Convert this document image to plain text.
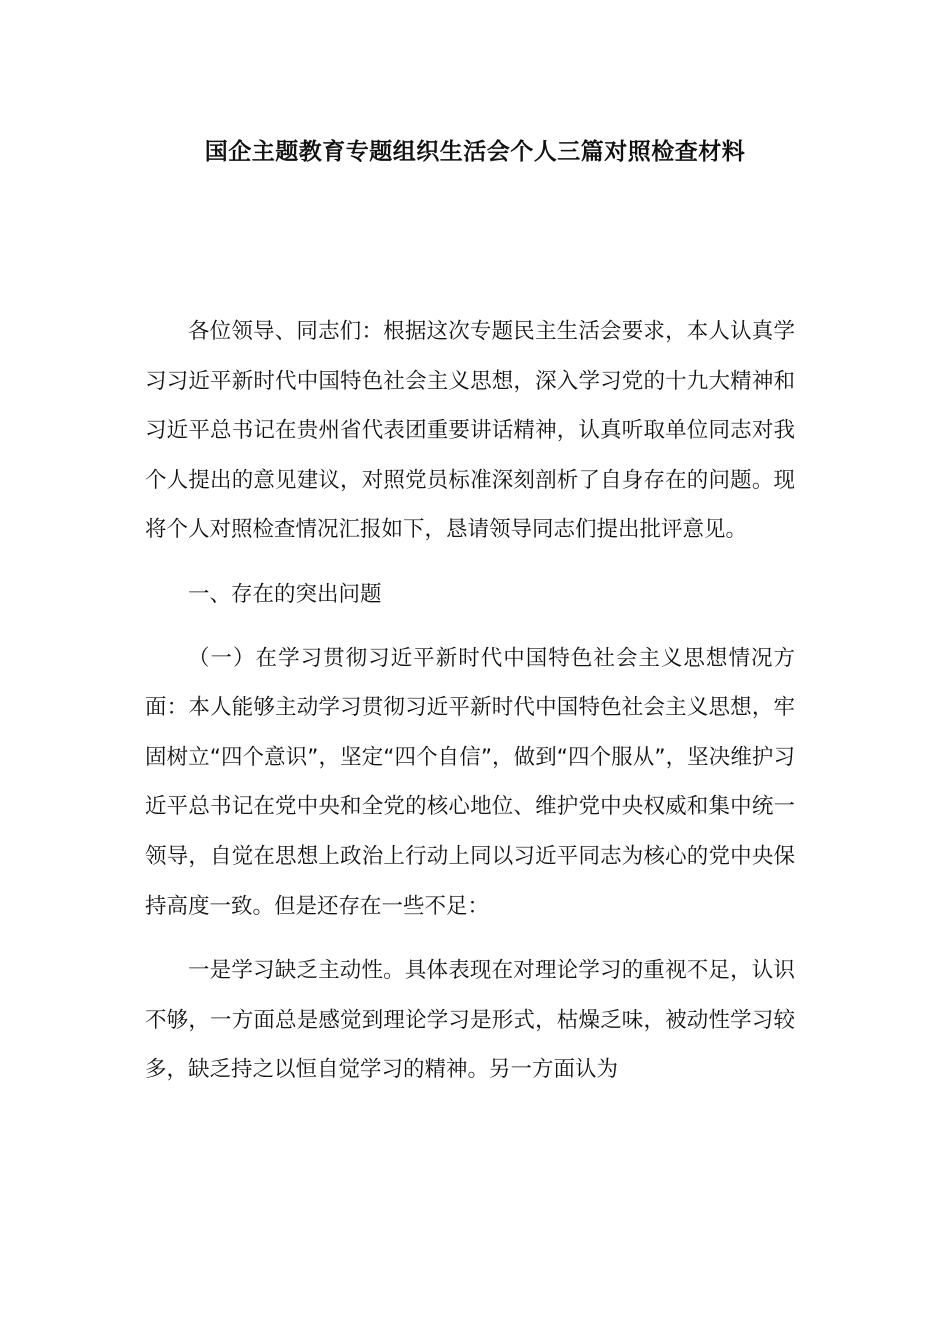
国企主题教育专题组织生活会个人三篇对照检查材料

各位领导、同志们：根据这次专题民主生活会要求，本人认真学习习近平新时代中国特色社会主义思想，深入学习党的十九大精神和习近平总书记在贵州省代表团重要讲话精神，认真听取单位同志对我个人提出的意见建议，对照党员标准深刻剖析了自身存在的问题。现将个人对照检查情况汇报如下，恳请领导同志们提出批评意见。

一、存在的突出问题

（一）在学习贯彻习近平新时代中国特色社会主义思想情况方面：本人能够主动学习贯彻习近平新时代中国特色社会主义思想，牢固树立“四个意识”，坚定“四个自信”，做到“四个服从”，坚决维护习近平总书记在党中央和全党的核心地位、维护党中央权威和集中统一领导，自觉在思想上政治上行动上同以习近平同志为核心的党中央保持高度一致。但是还存在一些不足：

一是学习缺乏主动性。具体表现在对理论学习的重视不足，认识不够，一方面总是感觉到理论学习是形式，枯燥乏味，被动性学习较多，缺乏持之以恒自觉学习的精神。另一方面认为
